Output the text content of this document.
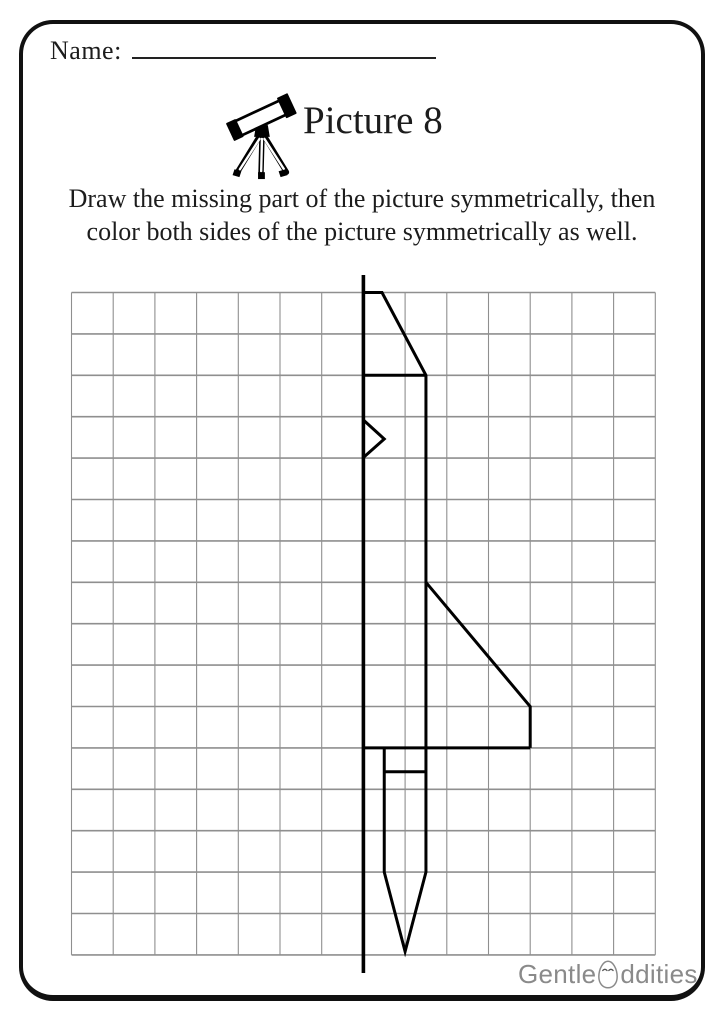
Name:
Picture 8
Draw the missing part of the picture symmetrically, then
color both sides of the picture symmetrically as well.
Gentle ddities
